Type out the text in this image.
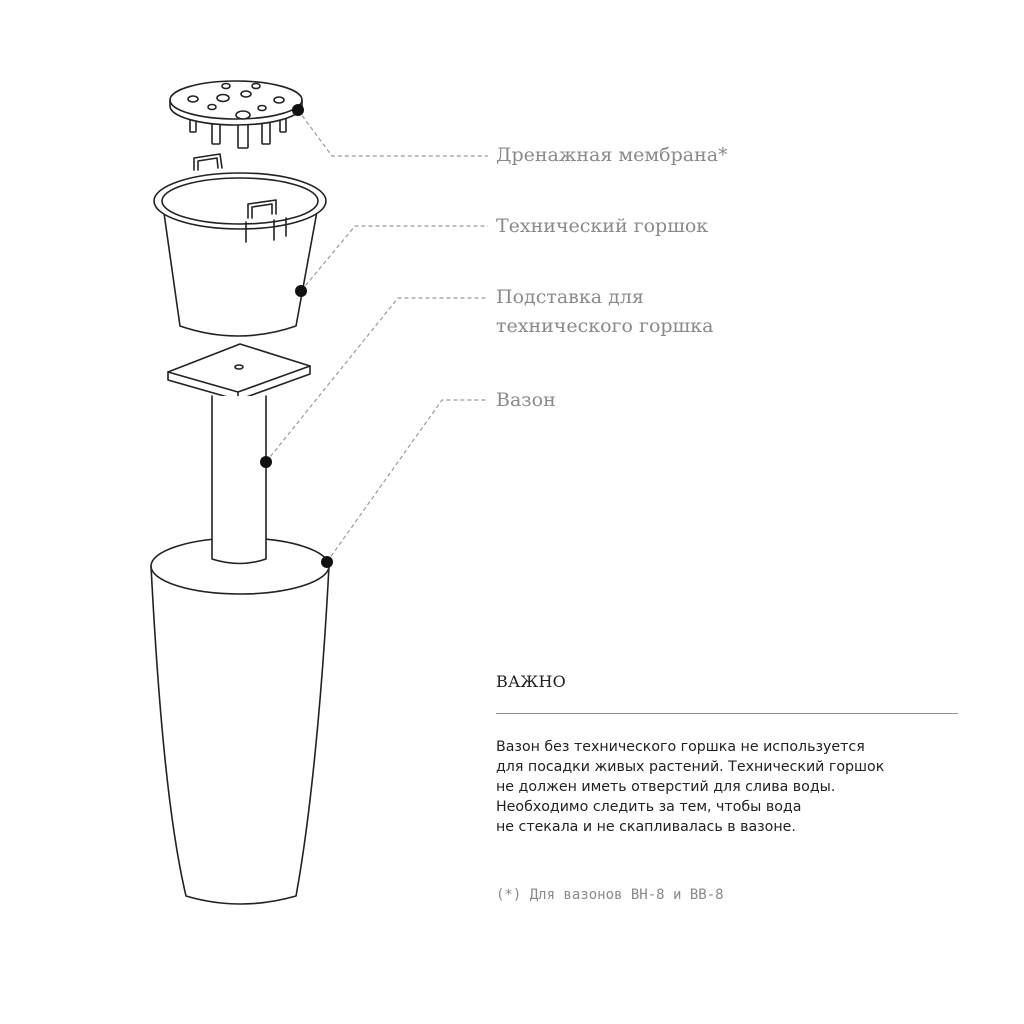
Дренажная мембрана*
Технический горшок
Подставка для
технического горшка
Вазон
ВАЖНО
Вазон без технического горшка не используется
для посадки живых растений. Технический горшок
не должен иметь отверстий для слива воды.
Необходимо следить за тем, чтобы вода
не стекала и не скапливалась в вазоне.
(*) Для вазонов BH-8 и BB-8
